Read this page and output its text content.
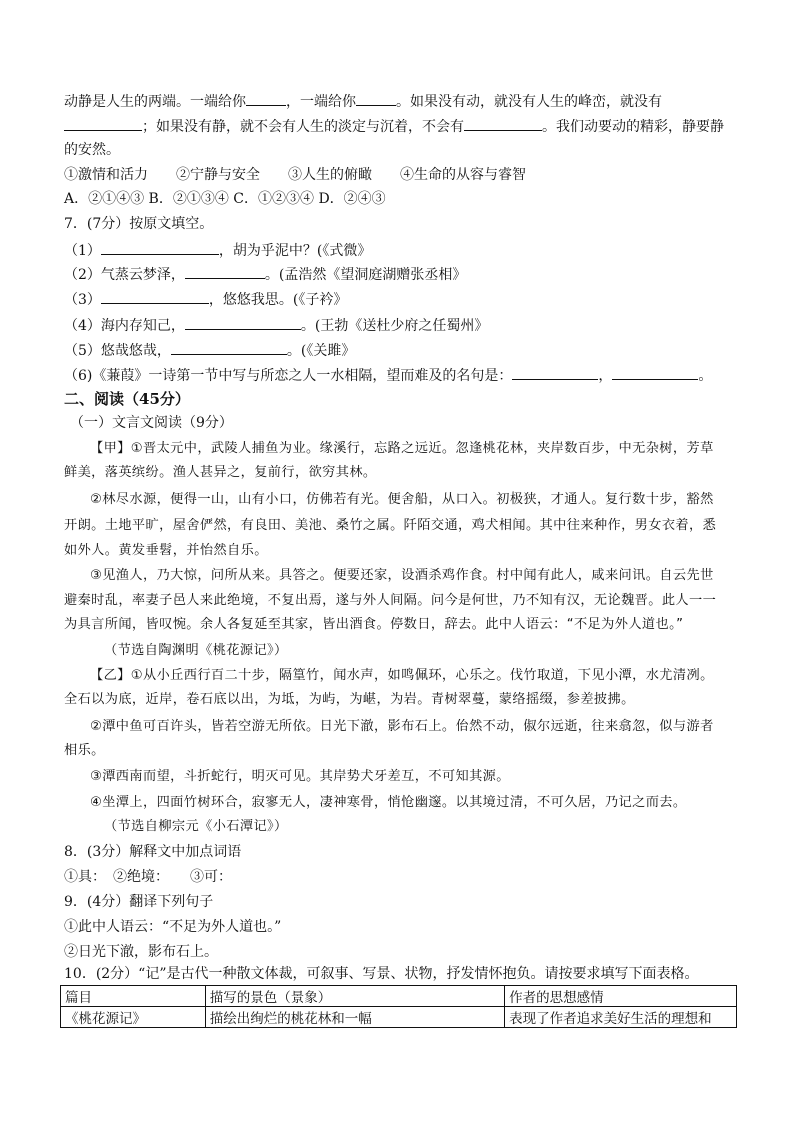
动静是人生的两端。一端给你	，一端给你	。如果没有动，就没有人生的峰峦，就没有
；如果没有静，就不会有人生的淡定与沉着，不会有	。我们动要动的精彩，静要静
的安然。
①激情和活力　　②宁静与安全　　③人生的俯瞰　　④生命的从容与睿智
A．②①④③ B．②①③④ C．①②③④ D．②④③
7．(7分）按原文填空。
（1）	，胡为乎泥中？(《式微》
（2）气蒸云梦泽，	。(孟浩然《望洞庭湖赠张丞相》
（3）	，悠悠我思。(《子衿》
（4）海内存知己，	。(王勃《送杜少府之任蜀州》
（5）悠哉悠哉，	。(《关雎》
（6)《蒹葭》一诗第一节中写与所恋之人一水相隔，望而难及的名句是：	，	。
二、阅读（45分）
（一）文言文阅读（9分）
【甲】①晋太元中，武陵人捕鱼为业。缘溪行，忘路之远近。忽逢桃花林，夹岸数百步，中无杂树，芳草
鲜美，落英缤纷。渔人甚异之，复前行，欲穷其林。
②林尽水源，便得一山，山有小口，仿佛若有光。便舍船，从口入。初极狭，才通人。复行数十步，豁然
开朗。土地平旷，屋舍俨然，有良田、美池、桑竹之属。阡陌交通，鸡犬相闻。其中往来种作，男女衣着，悉
如外人。黄发垂髫，并怡然自乐。
③见渔人，乃大惊，问所从来。具答之。便要还家，设酒杀鸡作食。村中闻有此人，咸来问讯。自云先世
避秦时乱，率妻子邑人来此绝境，不复出焉，遂与外人间隔。问今是何世，乃不知有汉，无论魏晋。此人一一
为具言所闻，皆叹惋。余人各复延至其家，皆出酒食。停数日，辞去。此中人语云：“不足为外人道也。”
（节选自陶渊明《桃花源记》）
【乙】①从小丘西行百二十步，隔篁竹，闻水声，如鸣佩环，心乐之。伐竹取道，下见小潭，水尤清冽。
全石以为底，近岸，卷石底以出，为坻，为屿，为嵁，为岩。青树翠蔓，蒙络摇缀，参差披拂。
②潭中鱼可百许头，皆若空游无所依。日光下澈，影布石上。佁然不动，俶尔远逝，往来翕忽，似与游者
相乐。
③潭西南而望，斗折蛇行，明灭可见。其岸势犬牙差互，不可知其源。
④坐潭上，四面竹树环合，寂寥无人，凄神寒骨，悄怆幽邃。以其境过清，不可久居，乃记之而去。
（节选自柳宗元《小石潭记》）
8．(3分）解释文中加点词语
①具：　②绝境：　　③可：
9．(4分）翻译下列句子
①此中人语云：“不足为外人道也。”
②日光下澈，影布石上。
10．(2分）“记”是古代一种散文体裁，可叙事、写景、状物，抒发情怀抱负。请按要求填写下面表格。
篇目	描写的景色（景象）	作者的思想感情
《桃花源记》	描绘出绚烂的桃花林和一幅	表现了作者追求美好生活的理想和
